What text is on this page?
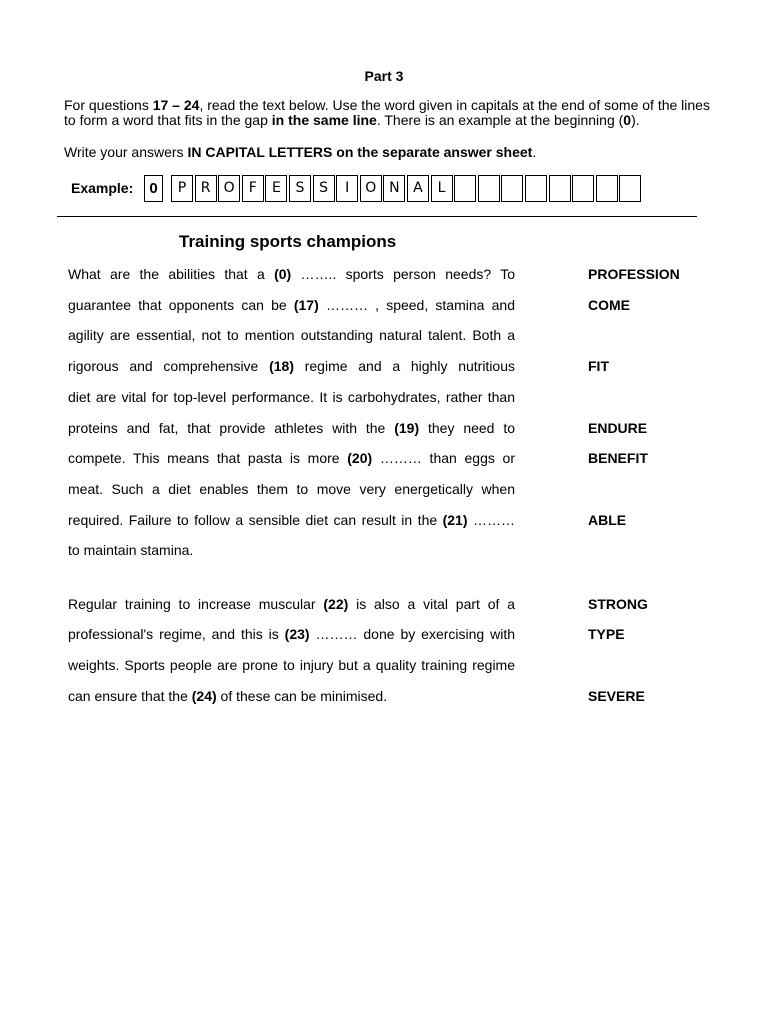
Part 3
For questions 17 – 24, read the text below. Use the word given in capitals at the end of some of the lines to form a word that fits in the gap in the same line. There is an example at the beginning (0).
Write your answers IN CAPITAL LETTERS on the separate answer sheet.
Example:	0	P	R O	F	E	S	S	I	O N A	L
Training sports champions
What are the abilities that a (0) …….. sports person needs? To
guarantee that opponents can be (17) ……… , speed, stamina and
agility are essential, not to mention outstanding natural talent. Both a
rigorous and comprehensive (18) regime and a highly nutritious
diet are vital for top-level performance. It is carbohydrates, rather than
proteins and fat, that provide athletes with the (19) they need to
compete. This means that pasta is more (20) ……… than eggs or
meat. Such a diet enables them to move very energetically when
required. Failure to follow a sensible diet can result in the (21) ………
to maintain stamina.
Regular training to increase muscular (22) is also a vital part of a
professional's regime, and this is (23) ……… done by exercising with
weights. Sports people are prone to injury but a quality training regime
can ensure that the (24) of these can be minimised.
PROFESSION
COME
FIT
ENDURE
BENEFIT
ABLE
STRONG
TYPE
SEVERE
